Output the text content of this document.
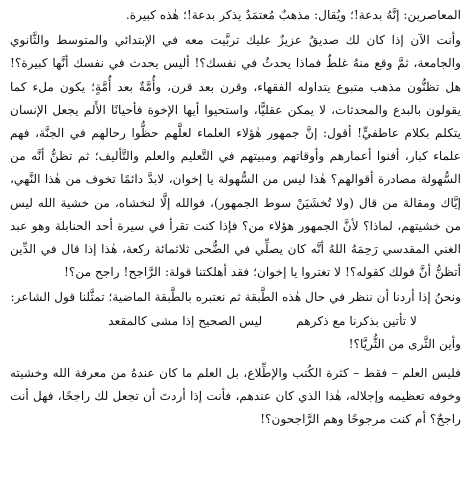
المعاصرين: إنَّهُ بدعة!؛ ويُقال: مذهبٌ مُعتمَدٌ يذكر بدعة!؛ هٰذه كبيرة.

وأنت الآن إذا كان لك صديقٌ عزيزٌ عليك تربَّيت معه في الإبتدائي والمتوسط والثَّانوي والجامعة، ثمَّ وقع منهُ غلطٌ فماذا يحدثُ في نفسك؟! أليس يحدث في نفسك أنَّها كبيرة؟! هل تظنُّون مذهب متبوع يتداوله الفقهاء، وقرن بعد قرن، وأُمَّةٌ بعد أُمَّةٍ؛ يكون ملء كما يقولون بالبدع والمحدثات، لا يمكن عقليًّا، واستحيوا أيها الإخوة فأحيانًا الأَلم يجعل الإنسان يتكلم بكلام عاطفيٍّ! أقول: إنَّ جمهور هٰؤلاء العلماء لعلَّهم حظُّوا رحالهم في الجنَّة، فهم علماء كبار، أفنوا أعمارهم وأوقاتهم ومبيتهم في التَّعليم والعلم والتَّأليف؛ ثم تظنُّ أنَّه من السُّهولة مصادرة أقوالهم؟ هٰذا ليس من السُّهولة يا إخوان، لابدَّ دائمًا تخوف من هٰذا النَّهي، إيَّاك ومقالة من قال (ولا تُخشَيَنْ سوط الجمهور)، فوالله إلَّا لنخشاه، من خشية الله ليس من خشيتهم، لماذا؟ لأنَّ الجمهور هؤلاء من؟ فإذا كنت تقرأ في سيرة أحد الحنابلة وهو عبد الغني المقدسي رَحِمَهُ اللهُ أنَّه كان يصلِّي في الضُّحى ثلاثمائة ركعة، هٰذا إذا قال في الدِّين أتظنُّ أنَّ قولك كقوله؟! لا تغتروا يا إخوان؛ فقد أهلكتنا قولة: الرَّاجح! راجح من؟!

ونحنُ إذا أردنا أن ننظر في حال هٰذه الطَّبقة ثم نعتبره بالطَّبقة الماضية؛ تمثَّلنا قول الشاعر:

لا تأتين بذكرنا مع ذكرهم
ليس الصحيح إذا مشى كالمقعد

وأين الثَّرى من الثُّريَّا؟!

فليس العلم – فقط – كثرة الكُتب والإطِّلاع، بل العلم ما كان عندهُ من معرفة الله وخشيته وخوفه تعظيمه وإجلاله، هٰذا الذي كان عندهم، فأنت إذا أردتَ أن تجعل لك راجحًا، فهل أنت راجحٌ؟ أم كنت مرجوحًا وهم الرَّاجحون؟!
